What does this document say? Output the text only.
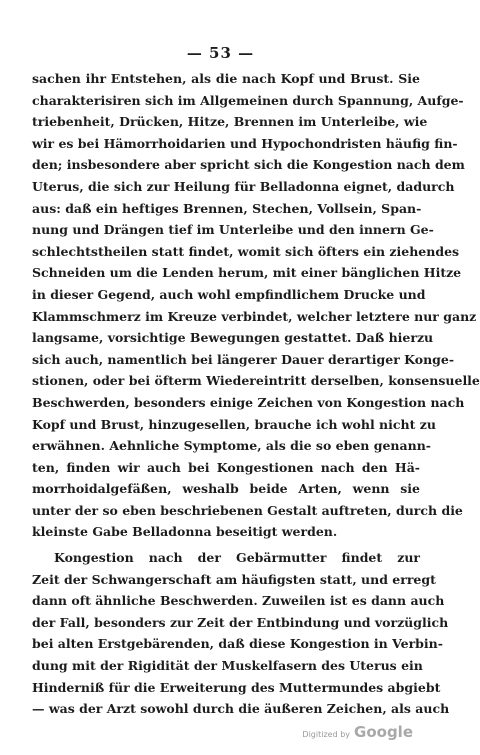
— 53 —
sachen ihr Entstehen, als die nach Kopf und Brust. Sie
charakterisiren sich im Allgemeinen durch Spannung, Aufge-
triebenheit, Drücken, Hitze, Brennen im Unterleibe, wie
wir es bei Hämorrhoidarien und Hypochondristen häufig fin-
den; insbesondere aber spricht sich die Kongestion nach dem
Uterus, die sich zur Heilung für Belladonna eignet, dadurch
aus: daß ein heftiges Brennen, Stechen, Vollsein, Span-
nung und Drängen tief im Unterleibe und den innern Ge-
schlechtstheilen statt findet, womit sich öfters ein ziehendes
Schneiden um die Lenden herum, mit einer bänglichen Hitze
in dieser Gegend, auch wohl empfindlichem Drucke und
Klammschmerz im Kreuze verbindet, welcher letztere nur ganz
langsame, vorsichtige Bewegungen gestattet. Daß hierzu
sich auch, namentlich bei längerer Dauer derartiger Konge-
stionen, oder bei öfterm Wiedereintritt derselben, konsensuelle
Beschwerden, besonders einige Zeichen von Kongestion nach
Kopf und Brust, hinzugesellen, brauche ich wohl nicht zu
erwähnen. Aehnliche Symptome, als die so eben genann-
ten, finden wir auch bei Kongestionen nach den Hä-
morrhoidalgefäßen, weshalb beide Arten, wenn sie
unter der so eben beschriebenen Gestalt auftreten, durch die
kleinste Gabe Belladonna beseitigt werden.
Kongestion nach der Gebärmutter findet zur
Zeit der Schwangerschaft am häufigsten statt, und erregt
dann oft ähnliche Beschwerden. Zuweilen ist es dann auch
der Fall, besonders zur Zeit der Entbindung und vorzüglich
bei alten Erstgebärenden, daß diese Kongestion in Verbin-
dung mit der Rigidität der Muskelfasern des Uterus ein
Hinderniß für die Erweiterung des Muttermundes abgiebt
— was der Arzt sowohl durch die äußeren Zeichen, als auch
Digitized by Google
